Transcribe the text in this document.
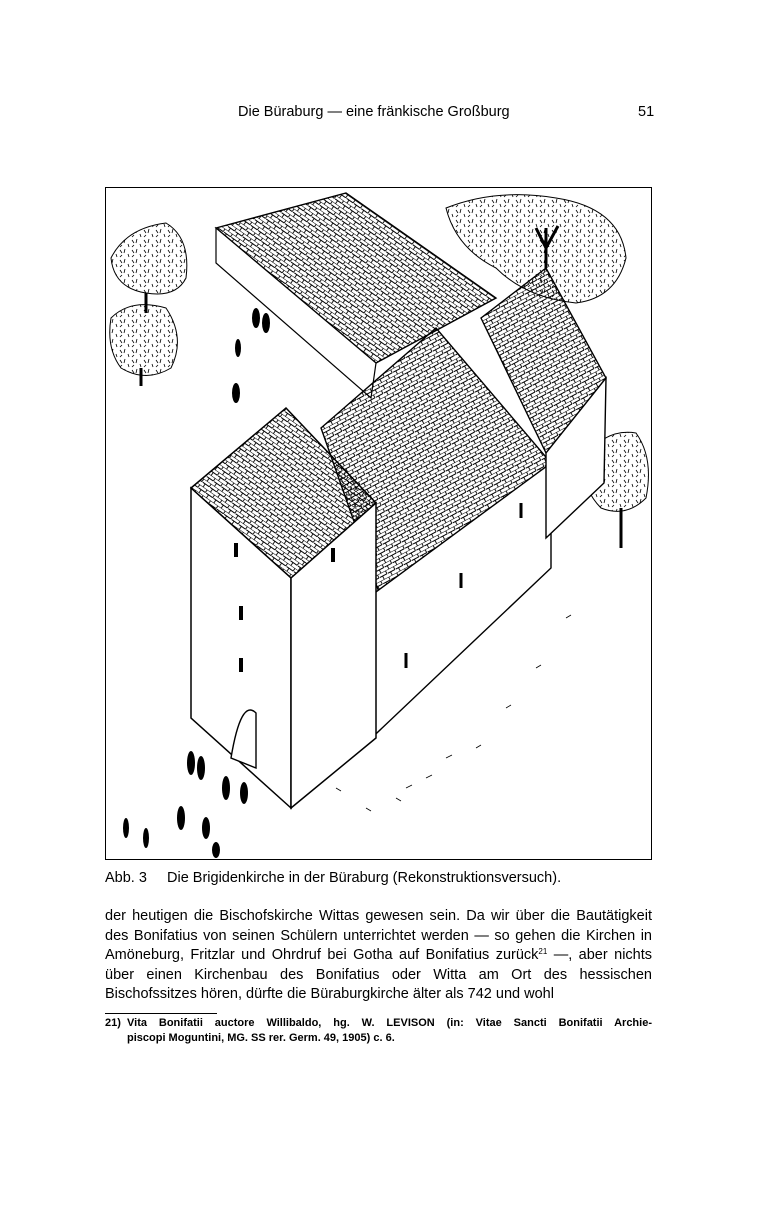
Die Büraburg — eine fränkische Großburg	51
Abb. 3 Die Brigidenkirche in der Büraburg (Rekonstruktionsversuch).

der heutigen die Bischofskirche Wittas gewesen sein. Da wir über die Bautätigkeit des Bonifatius von seinen Schülern unterrichtet werden — so gehen die Kirchen in Amöneburg, Fritzlar und Ohrdruf bei Gotha auf Bonifatius zurück$^{21}$ —, aber nichts über einen Kirchenbau des Bonifatius oder Witta am Ort des hessischen Bischofssitzes hören, dürfte die Büraburgkirche älter als 742 und wohl

21) Vita Bonifatii auctore Willibaldo, hg. W. LEVISON (in: Vitae Sancti Bonifatii Archie-
piscopi Moguntini, MG. SS rer. Germ. 49, 1905) c. 6.
